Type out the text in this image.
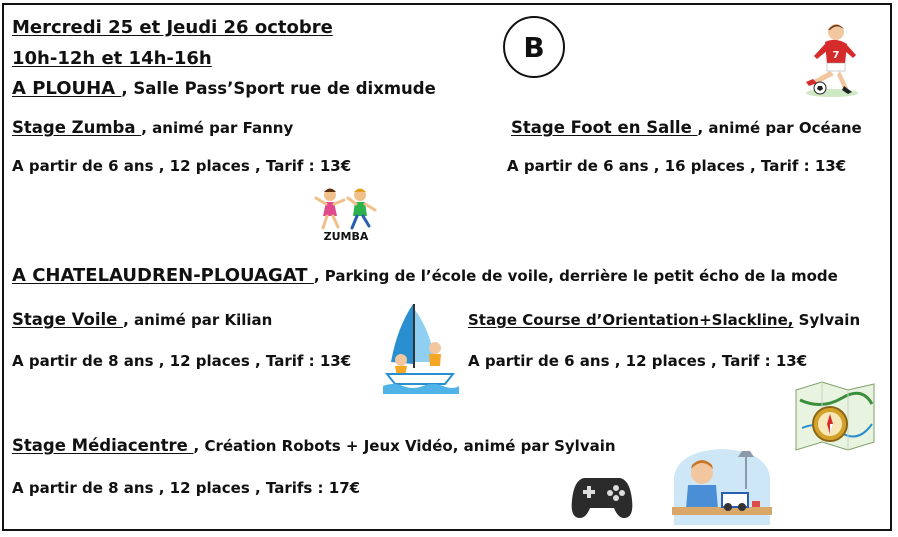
Mercredi 25 et Jeudi 26 octobre
10h-12h et 14h-16h	B
A PLOUHA , Salle Pass’Sport rue de dixmude
Stage Zumba , animé par Fanny
A partir de 6 ans , 12 places , Tarif : 13€
Stage Foot en Salle , animé par Océane
A partir de 6 ans , 16 places , Tarif : 13€
A CHATELAUDREN-PLOUAGAT , Parking de l’école de voile, derrière le petit écho de la mode
Stage Voile , animé par Kilian
A partir de 8 ans , 12 places , Tarif : 13€
Stage Course d’Orientation+Slackline, Sylvain
A partir de 6 ans , 12 places , Tarif : 13€
Stage Médiacentre , Création Robots + Jeux Vidéo, animé par Sylvain
A partir de 8 ans , 12 places , Tarifs : 17€
7
ZUMBA
